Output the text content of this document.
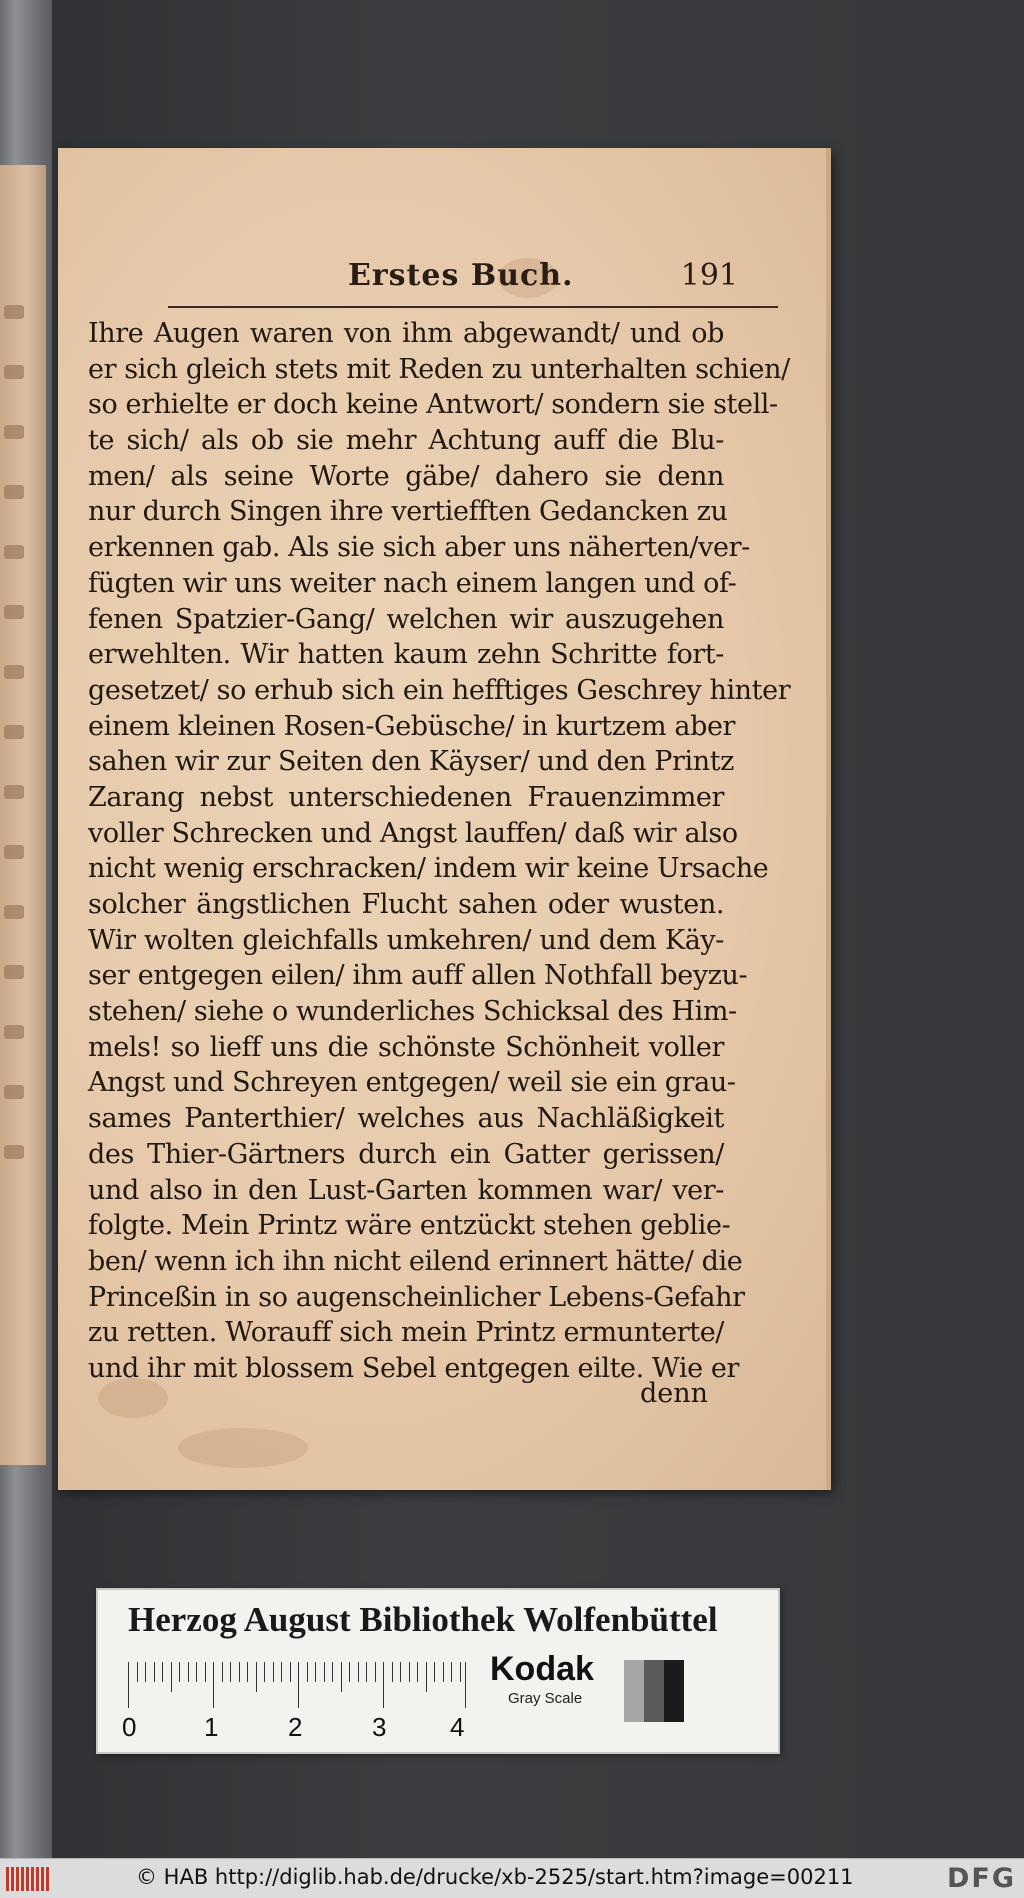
Erstes Buch.	191
Ihre Augen waren von ihm abgewandt/ und ob
er sich gleich stets mit Reden zu unterhalten schien/
so erhielte er doch keine Antwort/ sondern sie stell-
te sich/ als ob sie mehr Achtung auff die Blu-
men/ als seine Worte gäbe/ dahero sie denn
nur durch Singen ihre vertiefften Gedancken zu
erkennen gab. Als sie sich aber uns näherten/ver-
fügten wir uns weiter nach einem langen und of-
fenen Spatzier-Gang/ welchen wir auszugehen
erwehlten. Wir hatten kaum zehn Schritte fort-
gesetzet/ so erhub sich ein hefftiges Geschrey hinter
einem kleinen Rosen-Gebüsche/ in kurtzem aber
sahen wir zur Seiten den Käyser/ und den Printz
Zarang nebst unterschiedenen Frauenzimmer
voller Schrecken und Angst lauffen/ daß wir also
nicht wenig erschracken/ indem wir keine Ursache
solcher ängstlichen Flucht sahen oder wusten.
Wir wolten gleichfalls umkehren/ und dem Käy-
ser entgegen eilen/ ihm auff allen Nothfall beyzu-
stehen/ siehe o wunderliches Schicksal des Him-
mels! so lieff uns die schönste Schönheit voller
Angst und Schreyen entgegen/ weil sie ein grau-
sames Panterthier/ welches aus Nachläßigkeit
des Thier-Gärtners durch ein Gatter gerissen/
und also in den Lust-Garten kommen war/ ver-
folgte. Mein Printz wäre entzückt stehen geblie-
ben/ wenn ich ihn nicht eilend erinnert hätte/ die
Princeßin in so augenscheinlicher Lebens-Gefahr
zu retten. Worauff sich mein Printz ermunterte/
und ihr mit blossem Sebel entgegen eilte. Wie er
denn
Herzog August Bibliothek Wolfenbüttel
0	1	2	3 4
Kodak
Gray Scale
© HAB http://diglib.hab.de/drucke/xb-2525/start.htm?image=00211	DFG
